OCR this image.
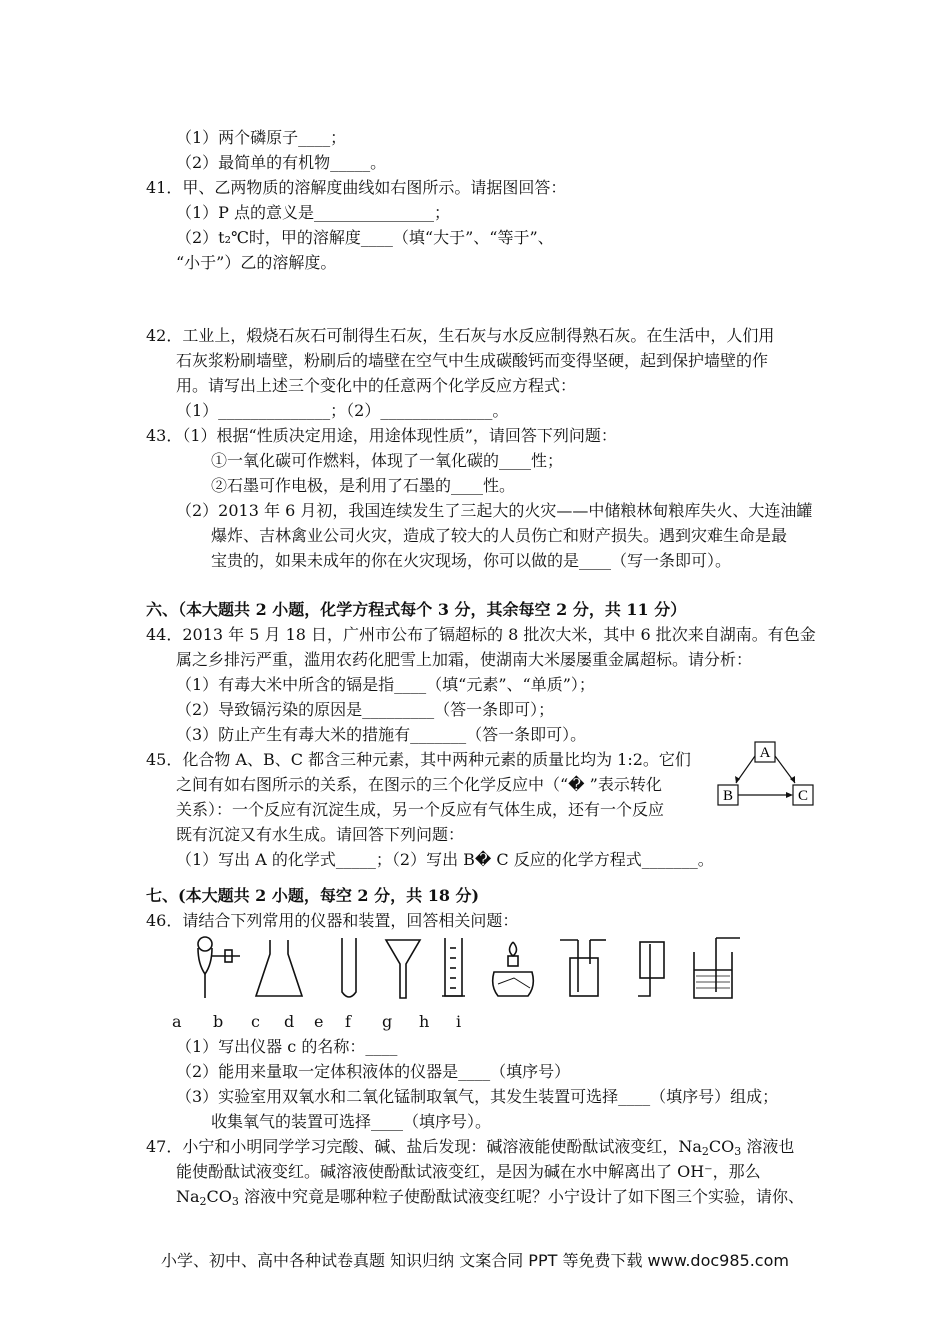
（1）两个磷原子____；
（2）最简单的有机物_____。
41．甲、乙两物质的溶解度曲线如右图所示。请据图回答：
（1）P 点的意义是_______________；
（2）t₂℃时，甲的溶解度____（填“大于”、“等于”、
“小于”）乙的溶解度。
42．工业上，煅烧石灰石可制得生石灰，生石灰与水反应制得熟石灰。在生活中，人们用
石灰浆粉刷墙壁，粉刷后的墙壁在空气中生成碳酸钙而变得坚硬，起到保护墙壁的作
用。请写出上述三个变化中的任意两个化学反应方程式：
（1）______________；（2）______________。
43．（1）根据“性质决定用途，用途体现性质”，请回答下列问题：
①一氧化碳可作燃料，体现了一氧化碳的____性；
②石墨可作电极，是利用了石墨的____性。
（2）2013 年 6 月初，我国连续发生了三起大的火灾——中储粮林甸粮库失火、大连油罐
爆炸、吉林禽业公司火灾，造成了较大的人员伤亡和财产损失。遇到灾难生命是最
宝贵的，如果未成年的你在火灾现场，你可以做的是____（写一条即可）。
六、（本大题共 2 小题，化学方程式每个 3 分，其余每空 2 分，共 11 分）
44．2013 年 5 月 18 日，广州市公布了镉超标的 8 批次大米，其中 6 批次来自湖南。有色金
属之乡排污严重，滥用农药化肥雪上加霜，使湖南大米屡屡重金属超标。请分析：
（1）有毒大米中所含的镉是指____（填“元素”、“单质”）；
（2）导致镉污染的原因是_________（答一条即可）；
（3）防止产生有毒大米的措施有_______（答一条即可）。
45．化合物 A、B、C 都含三种元素，其中两种元素的质量比均为 1:2。它们
之间有如右图所示的关系，在图示的三个化学反应中（“� ”表示转化
关系）：一个反应有沉淀生成，另一个反应有气体生成，还有一个反应
既有沉淀又有水生成。请回答下列问题：
（1）写出 A 的化学式_____；（2）写出 B� C 反应的化学方程式_______。
A
B	C
七、(本大题共 2 小题，每空 2 分，共 18 分)
46．请结合下列常用的仪器和装置，回答相关问题：
a b c d e f g h i
（1）写出仪器 c 的名称：____
（2）能用来量取一定体积液体的仪器是____（填序号）
（3）实验室用双氧水和二氧化锰制取氧气，其发生装置可选择____（填序号）组成；
收集氧气的装置可选择____（填序号）。
47．小宁和小明同学学习完酸、碱、盐后发现：碱溶液能使酚酞试液变红，$Na_2CO_3$ 溶液也
能使酚酞试液变红。碱溶液使酚酞试液变红，是因为碱在水中解离出了 OH⁻，那么
$Na_2CO_3$ 溶液中究竟是哪种粒子使酚酞试液变红呢？小宁设计了如下图三个实验，请你、
小学、初中、高中各种试卷真题 知识归纳 文案合同 PPT 等免费下载 www.doc985.com
